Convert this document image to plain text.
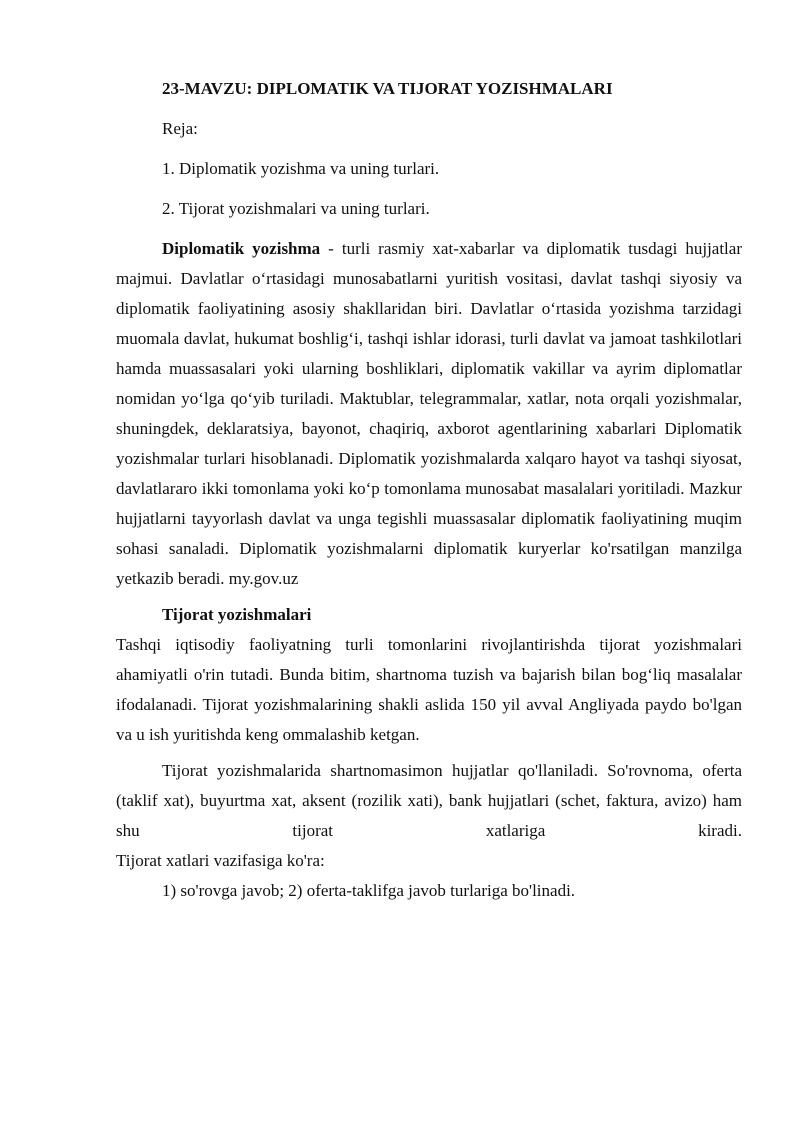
23-MAVZU: DIPLOMATIK VA TIJORAT YOZISHMALARI

Reja:

1. Diplomatik yozishma va uning turlari.

2. Tijorat yozishmalari va uning turlari.

Diplomatik yozishma - turli rasmiy xat-xabarlar va diplomatik tusdagi hujjatlar majmui. Davlatlar oʻrtasidagi munosabatlarni yuritish vositasi, davlat tashqi siyosiy va diplomatik faoliyatining asosiy shakllaridan biri. Davlatlar oʻrtasida yozishma tarzidagi muomala davlat, hukumat boshligʻi, tashqi ishlar idorasi, turli davlat va jamoat tashkilotlari hamda muassasalari yoki ularning boshliklari, diplomatik vakillar va ayrim diplomatlar nomidan yoʻlga qoʻyib turiladi. Maktublar, telegrammalar, xatlar, nota orqali yozishmalar, shuningdek, deklaratsiya, bayonot, chaqiriq, axborot agentlarining xabarlari Diplomatik yozishmalar turlari hisoblanadi. Diplomatik yozishmalarda xalqaro hayot va tashqi siyosat, davlatlararo ikki tomonlama yoki koʻp tomonlama munosabat masalalari yoritiladi. Mazkur hujjatlarni tayyorlash davlat va unga tegishli muassasalar diplomatik faoliyatining muqim sohasi sanaladi. Diplomatik yozishmalarni diplomatik kuryerlar ko'rsatilgan manzilga yetkazib beradi. my.gov.uz

Tijorat yozishmalari

Tashqi iqtisodiy faoliyatning turli tomonlarini rivojlantirishda tijorat yozishmalari ahamiyatli o'rin tutadi. Bunda bitim, shartnoma tuzish va bajarish bilan bogʻliq masalalar ifodalanadi. Tijorat yozishmalarining shakli aslida 150 yil avval Angliyada paydo bo'lgan va u ish yuritishda keng ommalashib ketgan.

Tijorat yozishmalarida shartnomasimon hujjatlar qo'llaniladi. So'rovnoma, oferta (taklif xat), buyurtma xat, aksent (rozilik xati), bank hujjatlari (schet, faktura, avizo) ham shu tijorat xatlariga kiradi.

Tijorat xatlari vazifasiga ko'ra:

1) so'rovga javob; 2) oferta-taklifga javob turlariga bo'linadi.
